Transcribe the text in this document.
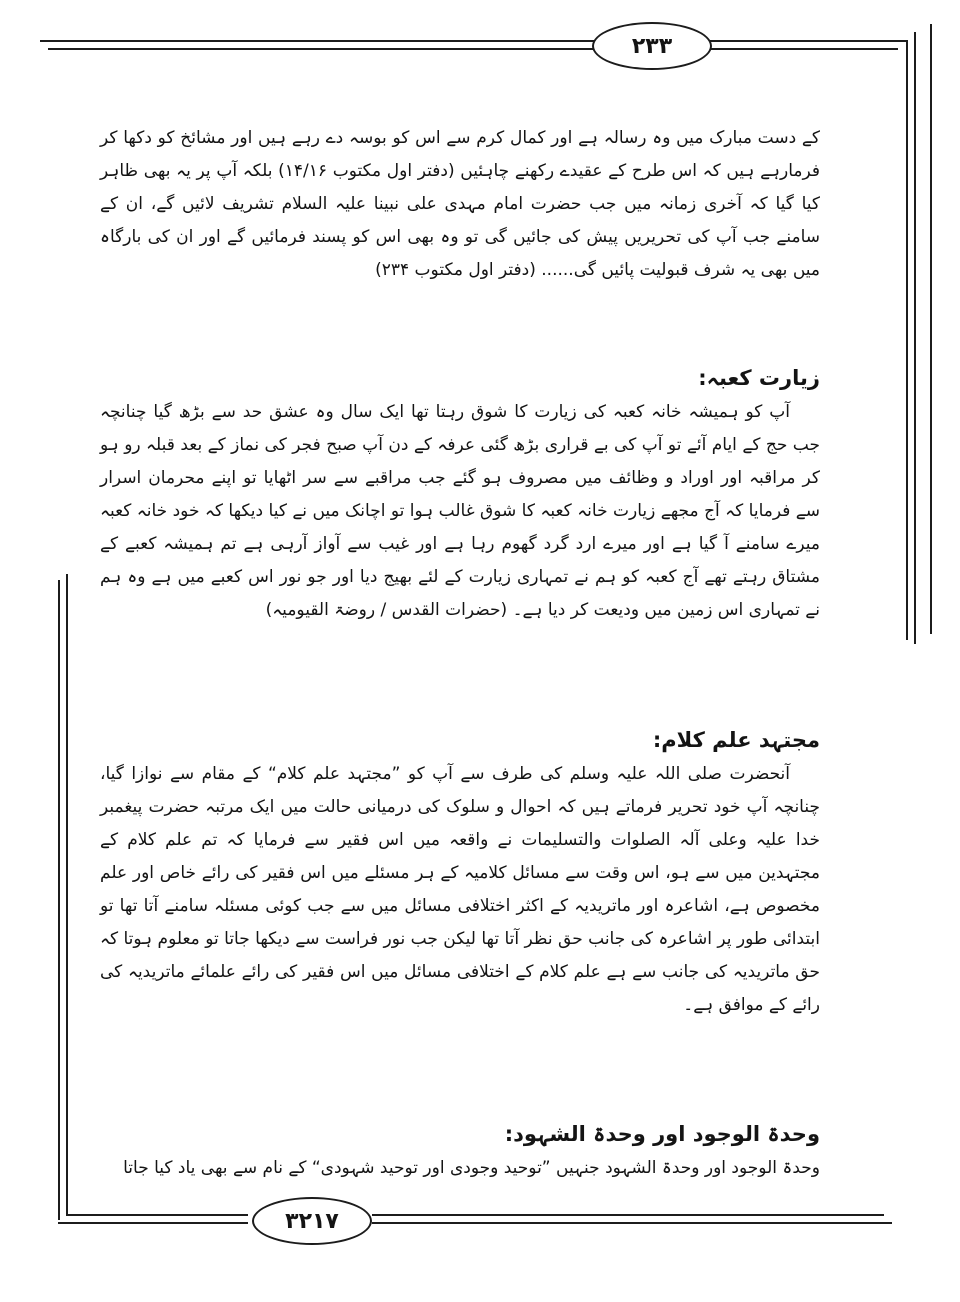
۲۳۳
۳۲۱۷

کے دست مبارک میں وہ رسالہ ہے اور کمال کرم سے اس کو بوسہ دے رہے ہیں اور مشائخ کو دکھا کر فرمارہے ہیں کہ اس طرح کے عقیدے رکھنے چاہئیں (دفتر اول مکتوب ۱۴/۱۶) بلکہ آپ پر یہ بھی ظاہر کیا گیا کہ آخری زمانہ میں جب حضرت امام مہدی علی نبینا علیہ السلام تشریف لائیں گے، ان کے سامنے جب آپ کی تحریریں پیش کی جائیں گی تو وہ بھی اس کو پسند فرمائیں گے اور ان کی بارگاہ میں بھی یہ شرف قبولیت پائیں گی...... (دفتر اول مکتوب ۲۳۴)

زیارت کعبہ:

آپ کو ہمیشہ خانہ کعبہ کی زیارت کا شوق رہتا تھا ایک سال وہ عشق حد سے بڑھ گیا چنانچہ جب حج کے ایام آئے تو آپ کی بے قراری بڑھ گئی عرفہ کے دن آپ صبح فجر کی نماز کے بعد قبلہ رو ہو کر مراقبہ اور اوراد و وظائف میں مصروف ہو گئے جب مراقبے سے سر اٹھایا تو اپنے محرمان اسرار سے فرمایا کہ آج مجھے زیارت خانہ کعبہ کا شوق غالب ہوا تو اچانک میں نے کیا دیکھا کہ خود خانہ کعبہ میرے سامنے آ گیا ہے اور میرے ارد گرد گھوم رہا ہے اور غیب سے آواز آرہی ہے تم ہمیشہ کعبے کے مشتاق رہتے تھے آج کعبہ کو ہم نے تمہاری زیارت کے لئے بھیج دیا اور جو نور اس کعبے میں ہے وہ ہم نے تمہاری اس زمین میں ودیعت کر دیا ہے۔ (حضرات القدس / روضۃ القیومیہ)

مجتہد علم کلام:

آنحضرت صلی اللہ علیہ وسلم کی طرف سے آپ کو ”مجتہد علم کلام“ کے مقام سے نوازا گیا، چنانچہ آپ خود تحریر فرماتے ہیں کہ احوال و سلوک کی درمیانی حالت میں ایک مرتبہ حضرت پیغمبر خدا علیہ وعلی آلہ الصلوات والتسلیمات نے واقعہ میں اس فقیر سے فرمایا کہ تم علم کلام کے مجتہدین میں سے ہو، اس وقت سے مسائل کلامیہ کے ہر مسئلے میں اس فقیر کی رائے خاص اور علم مخصوص ہے، اشاعرہ اور ماتریدیہ کے اکثر اختلافی مسائل میں سے جب کوئی مسئلہ سامنے آتا تھا تو ابتدائی طور پر اشاعرہ کی جانب حق نظر آتا تھا لیکن جب نور فراست سے دیکھا جاتا تو معلوم ہوتا کہ حق ماتریدیہ کی جانب سے ہے علم کلام کے اختلافی مسائل میں اس فقیر کی رائے علمائے ماتریدیہ کی رائے کے موافق ہے۔

وحدۃ الوجود اور وحدۃ الشہود:

وحدۃ الوجود اور وحدۃ الشہود جنہیں ”توحید وجودی اور توحید شہودی“ کے نام سے بھی یاد کیا جاتا
